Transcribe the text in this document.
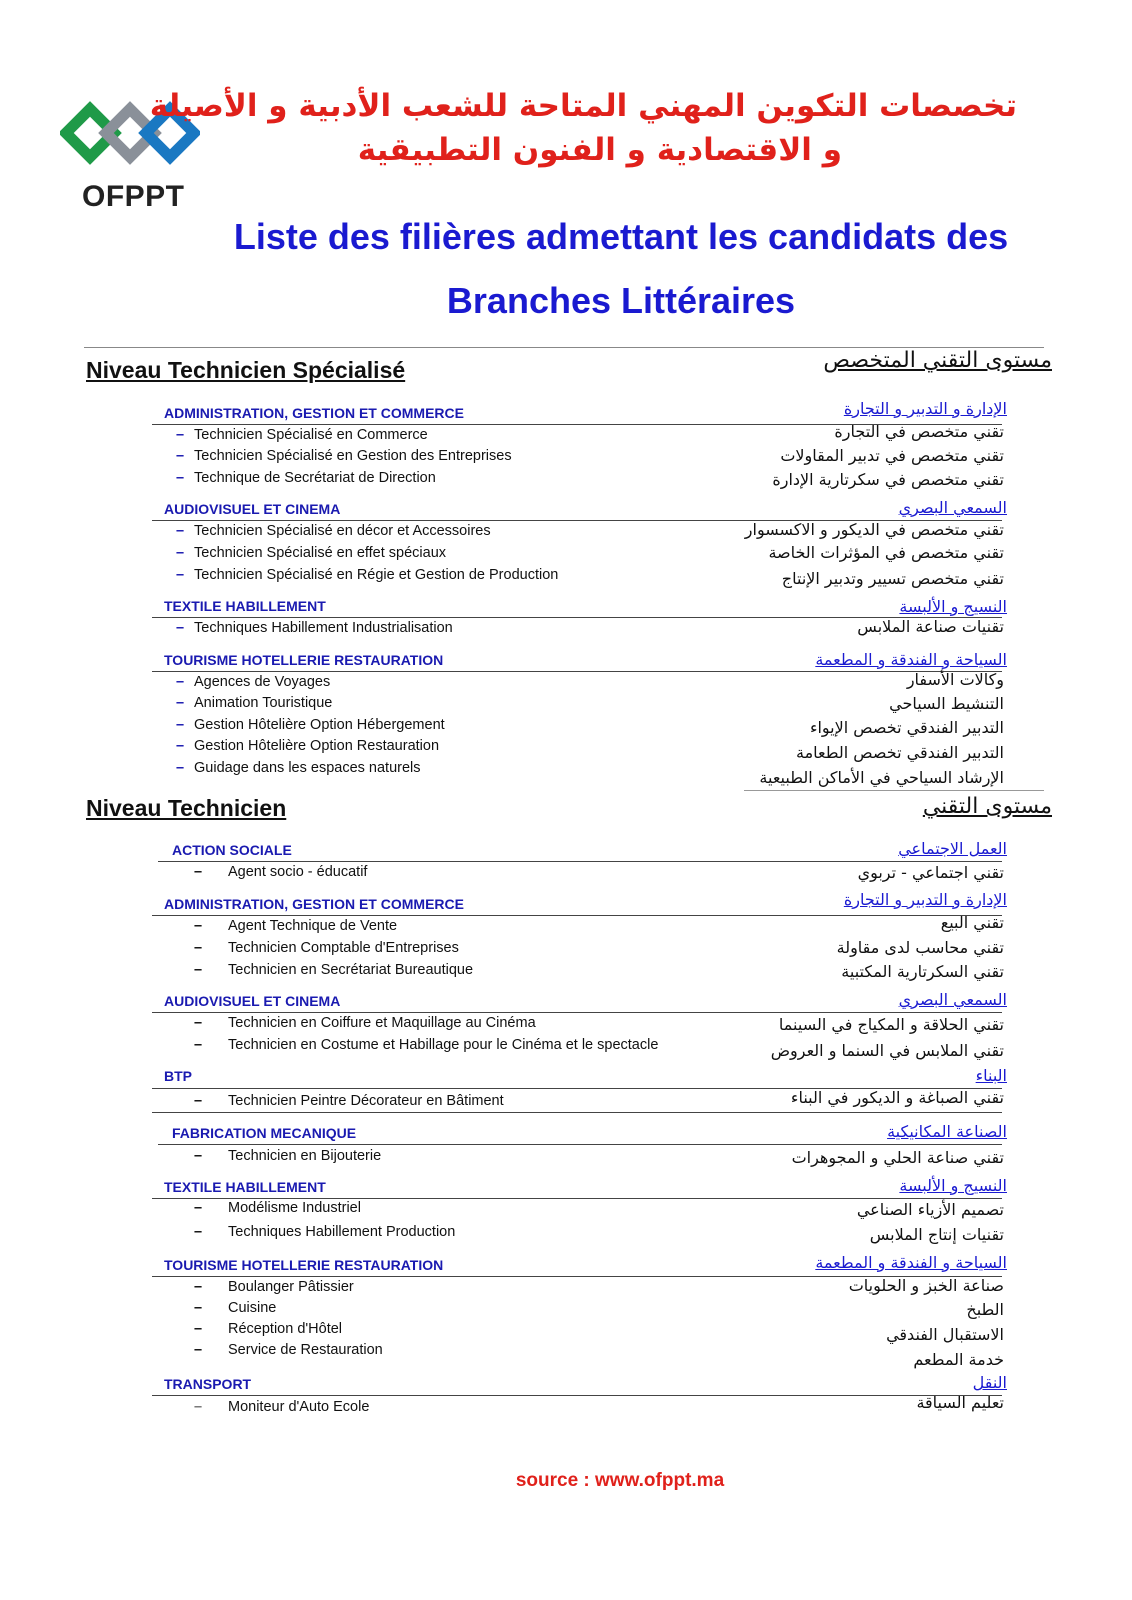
OFPPT
تخصصات التكوين المهني المتاحة للشعب الأدبية و الأصيلة
و الاقتصادية و الفنون التطبيقية
Liste des filières admettant les candidats des
Branches Littéraires
Niveau Technicien Spécialisé	مستوى التقني المتخصص
ADMINISTRATION, GESTION ET COMMERCE	الإدارة و التدبير و التجارة
– Technicien Spécialisé en Commerce	تقني متخصص في التجارة
– Technicien Spécialisé en Gestion des Entreprises	تقني متخصص في تدبير المقاولات
– Technique de Secrétariat de Direction	تقني متخصص في سكرتارية الإدارة
AUDIOVISUEL ET CINEMA	السمعي البصري
– Technicien Spécialisé en décor et Accessoires	تقني متخصص في الديكور و الاكسسوار
– Technicien Spécialisé en effet spéciaux	تقني متخصص في المؤثرات الخاصة
– Technicien Spécialisé en Régie et Gestion de Production	تقني متخصص تسيير وتدبير الإنتاج
TEXTILE HABILLEMENT	النسيج و الألبسة
– Techniques Habillement Industrialisation	تقنيات صناعة الملابس
TOURISME HOTELLERIE RESTAURATION	السياحة و الفندقة و المطعمة
– Agences de Voyages	وكالات الأسفار
– Animation Touristique	التنشيط السياحي
– Gestion Hôtelière Option Hébergement	التدبير الفندقي تخصص الإيواء
– Gestion Hôtelière Option Restauration	التدبير الفندقي تخصص الطعامة
– Guidage dans les espaces naturels	الإرشاد السياحي في الأماكن الطبيعية
Niveau Technicien	مستوى التقني
ACTION SOCIALE	العمل الاجتماعي
– Agent socio - éducatif	تقني اجتماعي - تربوي
ADMINISTRATION, GESTION ET COMMERCE	الإدارة و التدبير و التجارة
– Agent Technique de Vente	تقني البيع
– Technicien Comptable d'Entreprises	تقني محاسب لدى مقاولة
– Technicien en Secrétariat Bureautique	تقني السكرتارية المكتبية
AUDIOVISUEL ET CINEMA	السمعي البصري
– Technicien en Coiffure et Maquillage au Cinéma	تقني الحلاقة و المكياج في السينما
– Technicien en Costume et Habillage pour le Cinéma et le spectacle	تقني الملابس في السنما و العروض
BTP	البناء
– Technicien Peintre Décorateur en Bâtiment	تقني الصباغة و الديكور في البناء
FABRICATION MECANIQUE	الصناعة المكانيكية
– Technicien en Bijouterie	تقني صناعة الحلي و المجوهرات
TEXTILE HABILLEMENT	النسيج و الألبسة
– Modélisme Industriel	تصميم الأزياء الصناعي
– Techniques Habillement Production	تقنيات إنتاج الملابس
TOURISME HOTELLERIE RESTAURATION	السياحة و الفندقة و المطعمة
– Boulanger Pâtissier	صناعة الخبز و الحلويات
– Cuisine	الطبخ
– Réception d'Hôtel	الاستقبال الفندقي
– Service de Restauration	خدمة المطعم
TRANSPORT	النقل
– Moniteur d'Auto Ecole	تعليم السياقة
source : www.ofppt.ma
